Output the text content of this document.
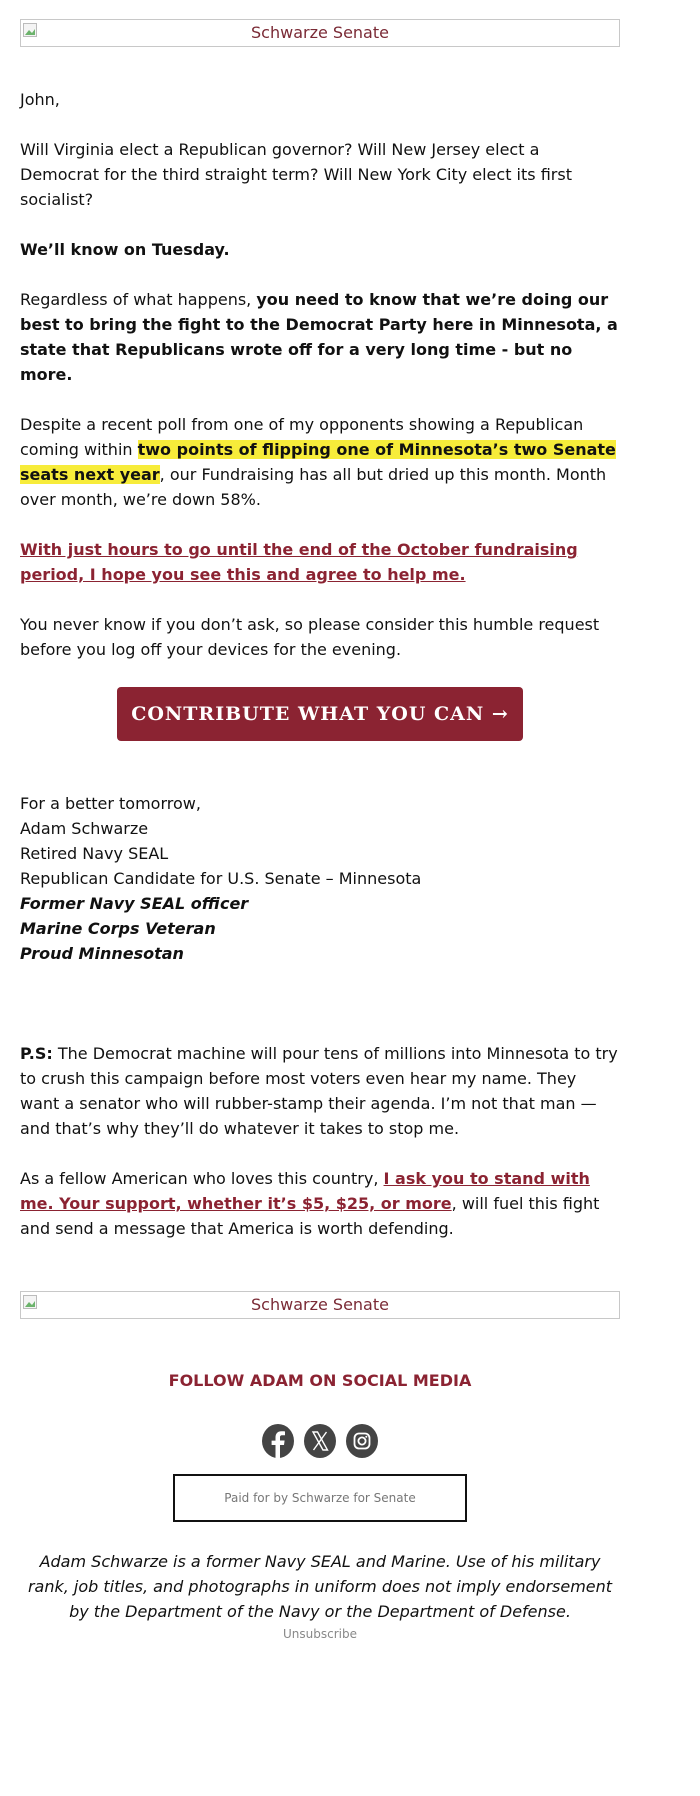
Schwarze Senate

John,

Will Virginia elect a Republican governor? Will New Jersey elect a Democrat for the third straight term? Will New York City elect its first socialist?

We’ll know on Tuesday.

Regardless of what happens, you need to know that we’re doing our best to bring the fight to the Democrat Party here in Minnesota, a state that Republicans wrote off for a very long time - but no more.

Despite a recent poll from one of my opponents showing a Republican coming within two points of flipping one of Minnesota’s two Senate seats next year, our Fundraising has all but dried up this month. Month over month, we’re down 58%.

With just hours to go until the end of the October fundraising period, I hope you see this and agree to help me.

You never know if you don’t ask, so please consider this humble request before you log off your devices for the evening.

CONTRIBUTE WHAT YOU CAN →

For a better tomorrow,

Adam Schwarze

Retired Navy SEAL

Republican Candidate for U.S. Senate – Minnesota

Former Navy SEAL officer

Marine Corps Veteran

Proud Minnesotan

P.S: The Democrat machine will pour tens of millions into Minnesota to try to crush this campaign before most voters even hear my name. They want a senator who will rubber-stamp their agenda. I’m not that man — and that’s why they’ll do whatever it takes to stop me.

As a fellow American who loves this country, I ask you to stand with me. Your support, whether it’s $5, $25, or more, will fuel this fight and send a message that America is worth defending.

Schwarze Senate
FOLLOW ADAM ON SOCIAL MEDIA
Paid for by Schwarze for Senate

Adam Schwarze is a former Navy SEAL and Marine. Use of his military rank, job titles, and photographs in uniform does not imply endorsement by the Department of the Navy or the Department of Defense.

Unsubscribe
